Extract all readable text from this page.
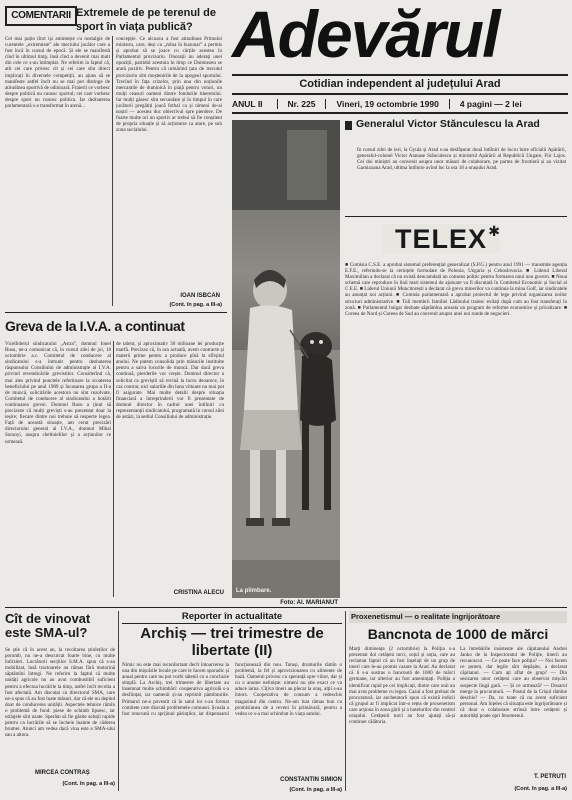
COMENTARII Extremele de pe terenul de sport în viața publică?
Cel mai puțin tînrt iși amintește cu nostalgie de curentele „extremiste” ale meciului jucător care a fost încă în cursul de epocă. Și ele se manifestă cînd în ultimul timp, însă cînd a devenit mai mult din cele ce s-au întîmplat. Ne referim la faptul că, atît cei care privesc cît și cei care sînt direct implicați în diversele competiții, au ajuns să se manifeste astfel încît nu se mai pot distinge de atitudinea sportivă de odinioară. Fraierii ce vorbesc despre politică nu cunosc sportul; cei care vorbesc despre sport nu cunosc politica. Iar dezbaterea parlamentară s-a transformat în arenă...
concepție. Ce alcoava a fost atitudinea Primului ministru, care, deși cu „mîna în buzunar” a permis și aprobat să se joace cu cărțile acestea în Parlamentul provizoriu. Onorații nu aderați unei opoziții, partidul acestuia în timp ce Dumnezeu se arată pozitiv. Pentru că urmărind țara de trecutul provizoriu sînt moștenirile de la apogeul sportului. Trecînd în fața crizelor, prin una din noțiunile mercantile de duminică în piață pentru voturi, un mulți ceasuri oameni dintre fondurile tineretului. Iar mulți găsesc sînt secundare și în timpul în care jucătorii pregătiți joacă fotbal ca și nimeni de-ai noștri — acestea duc obiectivul spre pierdere. De foarte multe ori un sportiv ar trebui să fie conștient de propria situație și să acționeze ca atare, pe sub zona socialului.
IOAN ISBCAN
(Cont. în pag. a III-a)
Adevărul
Cotidian independent al județului Arad
ANUL II	Nr. 225	Vineri, 19 octombrie 1990	4 pagini — 2 lei
Generalul Victor Stănculescu la Arad
În cursul zilei de ieri, la Gyula și Arad s-au desfășurat două întîlniri de lucru între oficialii Apărării, generalul-colonel Victor Atanase Stănculescu și ministrul Apărării al Republicii Ungare, Für Lajos. Cei doi miniștri au convenit asupra unor măsuri de colaborare, pe partea de frontieră și au vizitat Garnizoana Arad, ultima întîlnire avînd loc la ora 18 a orașului Arad.
Greva de la I.V.A. a continuat
Vicelliderul sindicatului „Astra”, domnul Ionel Rusu, ne-a comunicat că, în cursul zilei de joi, 18 octombrie a.c. Comitetul de conducere al sindicatului s-a întrunit pentru dezbaterea răspunsului Consiliului de administrație al I.V.A. privind revendicările grevistilor. Considerînd că, mai ales privind punctele referitoare la scoaterea beneficiului pe anul 1989 și încasarea grupa a II-a de muncă, solicitările acestora nu sînt rezolvate, Comitetul de conducere al sindicatului a hotărît continuarea grevei. Domnul Rusu a ținut să precizeze că mulți greviști s-au prezentat doar la ieșire; fiecare dintre noi trebuie să respecte legea. Față de această situație, am cerut precizări directorului general al I.V.A., domnul Mihai Suranyi, asupra cheltuielilor și a acțiunilor ce urmează.
de talent, și aproximativ 30 milioane lei producție marfă. Precizez că, în ora actuală, avem contracte și materii prime pentru a produce pînă la sfîrșitul anului. Ne putem consolida prin măsurile instituite pentru a salva locurile de muncă. Dar dacă greva continuă, pierderile vor crește. Domnul director a solicitat ca greviștii să revină la lucru deoarece, în caz contrar, nici salariile din luna viitoare nu mai pot fi asigurate. Mai multe detalii despre situația financiară a întreprinderii vor fi prezentate de domnul director în cadrul unei întîlniri cu reprezentanții sindicatului, programată în cursul zilei de astăzi, la sediul Consiliului de administrație.
CRISTINA ALECU La plimbare.
Foto: Al. MARIANUT
TELEX ✱
■ Comisia C.S.E. a aprobat sistemul preferențial generalizat (S.P.G.) pentru anul 1991 — transmite agenția E.F.E., referindu-se la cerințele formulate de Polonia, Ungaria și Cehoslovacia. ■ Liderul Liberal Maximilian a declarat că nu există deocamdată un consens politic pentru formarea unui nou guvern. ■ Noua schemă care reproduce în linii mari sistemul de ajutoare va fi discutată în Comitetul Economic și Social al C.E.E. ■ Liderul Uniunii Muncitorești a declarat că greva minerilor va continua la mina Golf, iar sindicatele au anunțat noi acțiuni. ■ Comisia parlamentară a aprobat proiectul de lege privind organizarea noilor structuri administrative. ■ Tuli membrii familiei Lădinului traiesc exilați după cum au fost transferați în zonă. ■ Parlamentul bulgar dezbate săptămîna aceasta un program de reforme economice și privatizare. ■ Coreea de Nord și Coreea de Sud au convenit asupra unei noi runde de negocieri.
Cît de vinovat
este SMA-ul?
Se știe că în acest an, la recoltarea știuleților de porumb, nu ne-a descurcat foarte bine, cu multe întîrzieri. Lucrătorii secțiilor S.M.A. spun că s-au mobilizat, însă tractoarele au rămas fără motorină săptămîni întregi. Ne referim la faptul că multe unități agricole nu au avut combustibil suficient pentru a efectua lucrările la timp, astfel încît recolta a fost afectată. Am discutat cu directorul SMA, care ne-a spus că au fost luate măsuri, dar că ele nu depind doar de conducerea unității. Aspectele tehnice rămîn o problemă de fond: piese de schimb lipsesc, iar utilajele sînt uzate. Sperăm să fie găsite soluții rapide pentru ca lucrările să se încheie înainte de căderea brumei. Atunci am vedea dacă vina este a SMA-ului sau a altora.
MIRCEA CONTRAȘ
(Cont. în pag. a III-a)
Reporter în actualitate
Archiș — trei trimestre de libertate (II)
Nimic nu este mai reconfortant decît întoarcerea la una din mișcările locale pe care le facem sporadic și anual pentru care nu pot vorbi sătenii cu o concluzie simplă. La Archiș, trei trimestre de libertate au însemnat multe schimbări: cooperativa agricolă s-a desființat, iar oamenii și-au reprimit pămînturile. Primarul ne-a povestit că în satul lor s-au format comitete care discută problemele comunei. Școala a fost renovată cu sprijinul părinților, iar dispensarul funcționează din nou. Totuși, drumurile rămîn o problemă, la fel și aprovizionarea cu alimente de bază. Oamenii privesc cu speranță spre viitor, dar și cu o anume neliniște: nimeni nu știe exact ce va aduce iarna. Cîțiva tineri au plecat la oraș, alții s-au întors. Cooperativa de consum a redeschis magazinul din centru. Ne-am luat rămas bun cu promisiunea de a reveni în primăvară, pentru a vedea ce s-a mai schimbat în viața satului.
CONSTANTIN SIMION
(Cont. în pag. a III-a)
Proxenetismul — o realitate îngrijorătoare
Bancnota de 1000 de mărci
Marți dimineața (2 octombrie) la Poliția s-a prezentat doi cetățeni turci, soțul și soția, care au reclamat faptul că au fost înșelați de un grup de tineri care le-au promis cazare la Arad. Au declarat că li s-a sustras o bancnotă de 1000 de mărci germane, iar ulterior au fost amenințați. Poliția a identificat rapid pe cei implicați, dintre care unii au mai avut probleme cu legea. Cazul a fost preluat de procuratură, iar anchetatorii spun că există indicii că grupul ar fi implicat într-o rețea de proxenetism care acționa în zona gării și a hotelurilor din centrul orașului. Cetățenii turci au fost ajutați să-și continue călătoria.
La întrebările insistente ale căpitanului Andrei Janko de la Inspectoratul de Poliție, tinerii au recunoscut. — Ce poate face poliția? — Noi facem ce putem, dar legile sînt depășite, a declarat căpitanul. — Cum ați aflat de grup? — Din sesizarea unor cetățeni care au observat mișcări suspecte lîngă gară. — Și ce urmează? — Dosarul merge la procuratură. — Postul de la Crișul rămîne deschis? — Da, cu toate că nu avem suficient personal. Am înțeles că situația este îngrijorătoare și că doar o colaborare strînsă între cetățeni și autorități poate opri fenomenul.
T. PETRUȚI
(Cont. în pag. a III-a)
